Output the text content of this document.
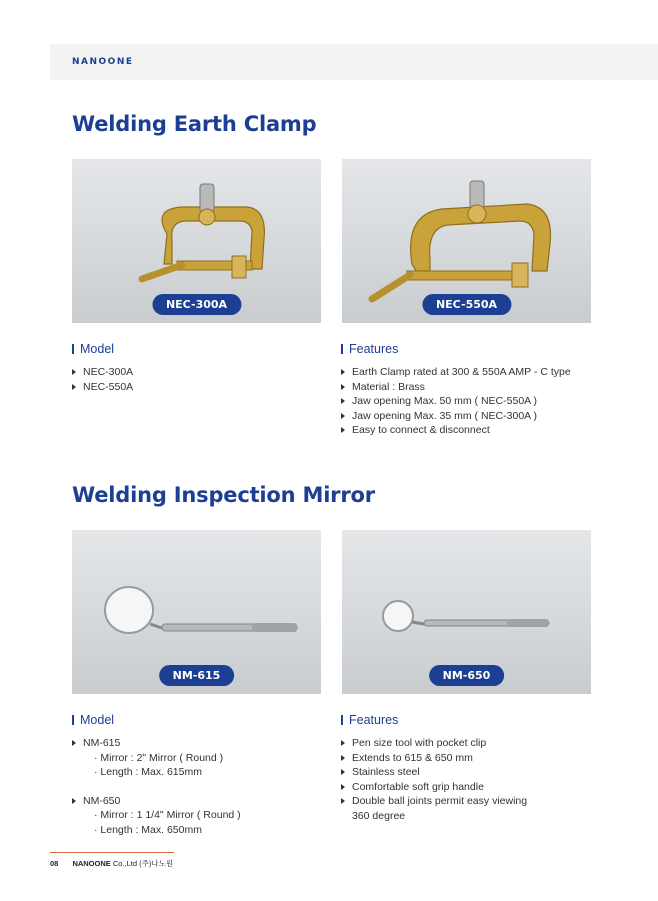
NANOONE
Welding Earth Clamp
NEC-300A	NEC-550A
Model	Features
NEC-300A
NEC-550A
Earth Clamp rated at 300 & 550A AMP - C type
Material : Brass
Jaw opening Max. 50 mm ( NEC-550A )
Jaw opening Max. 35 mm ( NEC-300A )
Easy to connect & disconnect
Welding Inspection Mirror
NM-615	NM-650
Model	Features
NM-615
· Mirror : 2" Mirror ( Round )
· Length : Max. 615mm
NM-650
· Mirror : 1 1/4" Mirror ( Round )
· Length : Max. 650mm
Pen size tool with pocket clip
Extends to 615 & 650 mm
Stainless steel
Comfortable soft grip handle
Double ball joints permit easy viewing
360 degree
08 NANOONE Co.,Ltd (주)나노원
